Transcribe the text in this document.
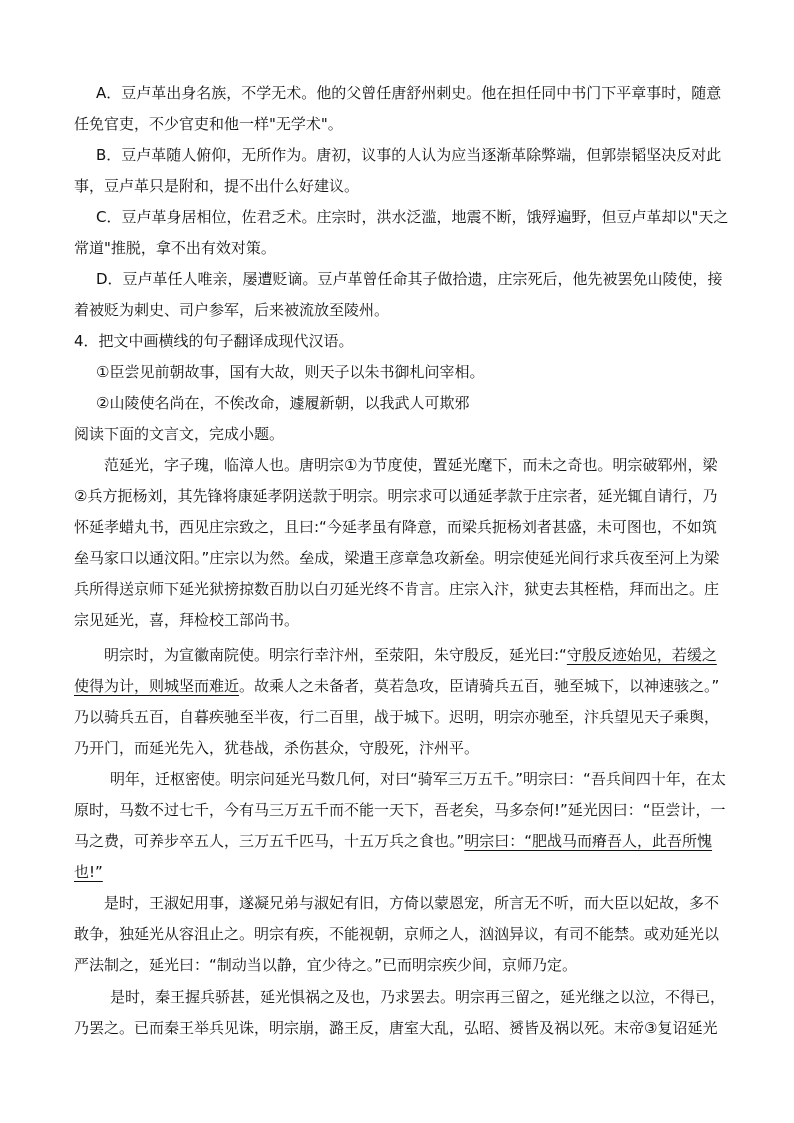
A．豆卢革出身名族，不学无术。他的父曾任唐舒州刺史。他在担任同中书门下平章事时，随意
任免官吏，不少官吏和他一样"无学术"。
B．豆卢革随人俯仰，无所作为。唐初，议事的人认为应当逐渐革除弊端，但郭崇韬坚决反对此
事，豆卢革只是附和，提不出什么好建议。
C．豆卢革身居相位，佐君乏术。庄宗时，洪水泛滥，地震不断，饿殍遍野，但豆卢革却以"天之
常道"推脱，拿不出有效对策。
D．豆卢革任人唯亲，屡遭贬谪。豆卢革曾任命其子做拾遗，庄宗死后，他先被罢免山陵使，接
着被贬为刺史、司户参军，后来被流放至陵州。
4．把文中画横线的句子翻译成现代汉语。
①臣尝见前朝故事，国有大故，则天子以朱书御札问宰相。
②山陵使名尚在，不俟改命，遽履新朝，以我武人可欺邪
阅读下面的文言文，完成小题。
范延光，字子瑰，临漳人也。唐明宗①为节度使，置延光麾下，而未之奇也。明宗破郓州，梁
②兵方扼杨刘，其先锋将康延孝阴送款于明宗。明宗求可以通延孝款于庄宗者，延光辄自请行，乃
怀延孝蜡丸书，西见庄宗致之，且曰:“今延孝虽有降意，而梁兵扼杨刘者甚盛，未可图也，不如筑
垒马家口以通汶阳。”庄宗以为然。垒成，梁遣王彦章急攻新垒。明宗使延光间行求兵夜至河上为梁
兵所得送京师下延光狱搒掠数百肋以白刃延光终不肯言。庄宗入汴，狱吏去其桎梏，拜而出之。庄
宗见延光，喜，拜检校工部尚书。
明宗时，为宣徽南院使。明宗行幸汴州，至荥阳，朱守殷反，延光曰:“守殷反迹始见，若缓之
使得为计，则城坚而难近。故乘人之未备者，莫若急攻，臣请骑兵五百，驰至城下，以神速骇之。”
乃以骑兵五百，自暮疾驰至半夜，行二百里，战于城下。迟明，明宗亦驰至，汴兵望见天子乘舆，
乃开门，而延光先入，犹巷战，杀伤甚众，守殷死，汴州平。
明年，迁枢密使。明宗问延光马数几何，对曰“骑军三万五千。”明宗曰：“吾兵间四十年，在太
原时，马数不过七千，今有马三万五千而不能一天下，吾老矣，马多奈何!”延光因曰：“臣尝计，一
马之费，可养步卒五人，三万五千匹马，十五万兵之食也。”明宗曰：“肥战马而瘠吾人，此吾所愧
也!”
是时，王淑妃用事，遂凝兄弟与淑妃有旧，方倚以蒙恩宠，所言无不听，而大臣以妃故，多不
敢争，独延光从容沮止之。明宗有疾，不能视朝，京师之人，汹汹异议，有司不能禁。或劝延光以
严法制之，延光曰：“制动当以静，宜少待之。”已而明宗疾少间，京师乃定。
是时，秦王握兵骄甚，延光惧祸之及也，乃求罢去。明宗再三留之，延光继之以泣，不得已，
乃罢之。已而秦王举兵见诛，明宗崩，潞王反，唐室大乱，弘昭、赟皆及祸以死。末帝③复诏延光
